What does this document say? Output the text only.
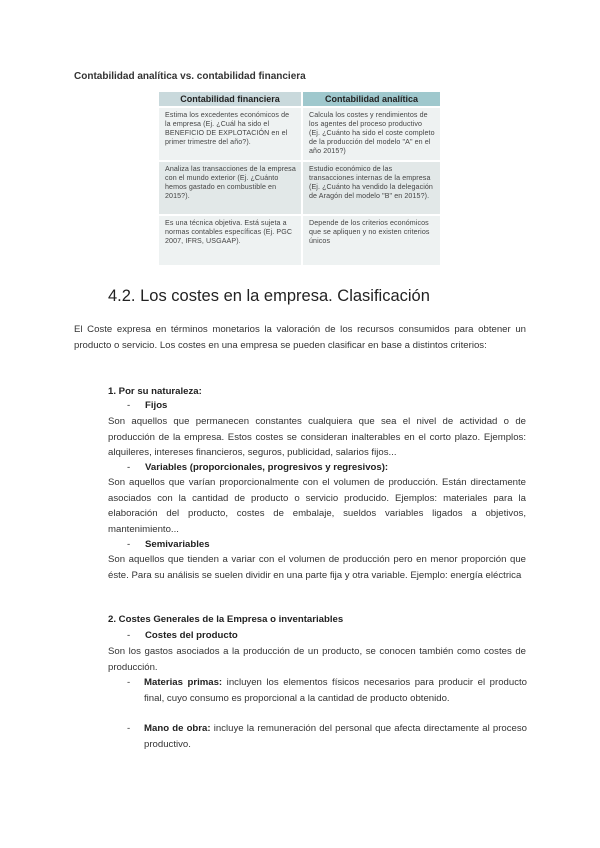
Contabilidad analítica vs. contabilidad financiera
Contabilidad financiera	Contabilidad analítica
Estima los excedentes económicos de la empresa (Ej. ¿Cuál ha sido el BENEFICIO DE EXPLOTACIÓN en el primer trimestre del año?).	Calcula los costes y rendimientos de los agentes del proceso productivo (Ej. ¿Cuánto ha sido el coste completo de la producción del modelo "A" en el año 2015?)
Analiza las transacciones de la empresa con el mundo exterior (Ej. ¿Cuánto hemos gastado en combustible en 2015?).	Estudio económico de las transacciones internas de la empresa (Ej. ¿Cuánto ha vendido la delegación de Aragón del modelo "B" en 2015?).
Es una técnica objetiva. Está sujeta a normas contables específicas (Ej. PGC 2007, IFRS, USGAAP).	Depende de los criterios económicos que se apliquen y no existen criterios únicos
4.2. Los costes en la empresa. Clasificación
El Coste expresa en términos monetarios la valoración de los recursos consumidos para obtener un producto o servicio. Los costes en una empresa se pueden clasificar en base a distintos criterios:
1. Por su naturaleza:
- Fijos
Son aquellos que permanecen constantes cualquiera que sea el nivel de actividad o de producción de la empresa. Estos costes se consideran inalterables en el corto plazo. Ejemplos: alquileres, intereses financieros, seguros, publicidad, salarios fijos...
- Variables (proporcionales, progresivos y regresivos):
Son aquellos que varían proporcionalmente con el volumen de producción. Están directamente asociados con la cantidad de producto o servicio producido. Ejemplos: materiales para la elaboración del producto, costes de embalaje, sueldos variables ligados a objetivos, mantenimiento...
- Semivariables
Son aquellos que tienden a variar con el volumen de producción pero en menor proporción que éste. Para su análisis se suelen dividir en una parte fija y otra variable. Ejemplo: energía eléctrica
2. Costes Generales de la Empresa o inventariables
- Costes del producto
Son los gastos asociados a la producción de un producto, se conocen también como costes de producción.
- Materias primas: incluyen los elementos físicos necesarios para producir el producto final, cuyo consumo es proporcional a la cantidad de producto obtenido.
- Mano de obra: incluye la remuneración del personal que afecta directamente al proceso productivo.
